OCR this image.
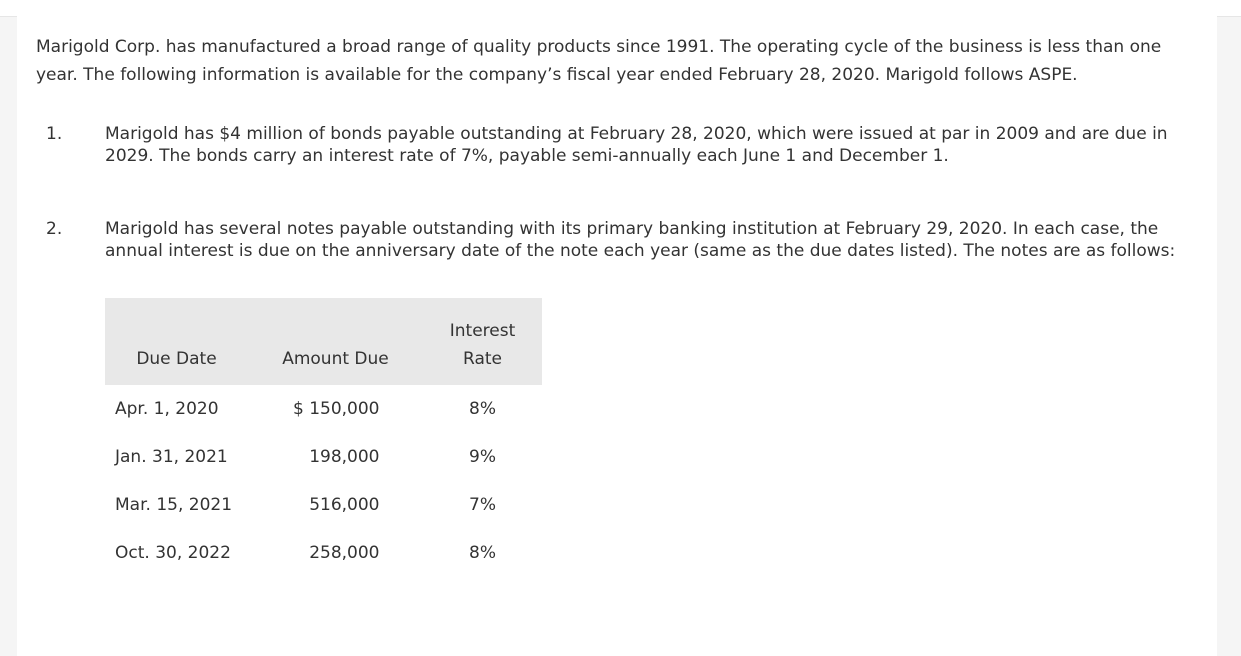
Marigold Corp. has manufactured a broad range of quality products since 1991. The operating cycle of the business is less than one year. The following information is available for the company’s fiscal year ended February 28, 2020. Marigold follows ASPE.

1.	Marigold has $4 million of bonds payable outstanding at February 28, 2020, which were issued at par in 2009 and are due in 2029. The bonds carry an interest rate of 7%, payable semi-annually each June 1 and December 1.
2.	Marigold has several notes payable outstanding with its primary banking institution at February 29, 2020. In each case, the annual interest is due on the anniversary date of the note each year (same as the due dates listed). The notes are as follows:
Due Date	Amount Due	Interest
Rate
Apr. 1, 2020	$ 150,000	8%
Jan. 31, 2021	198,000	9%
Mar. 15, 2021	516,000	7%
Oct. 30, 2022	258,000	8%
